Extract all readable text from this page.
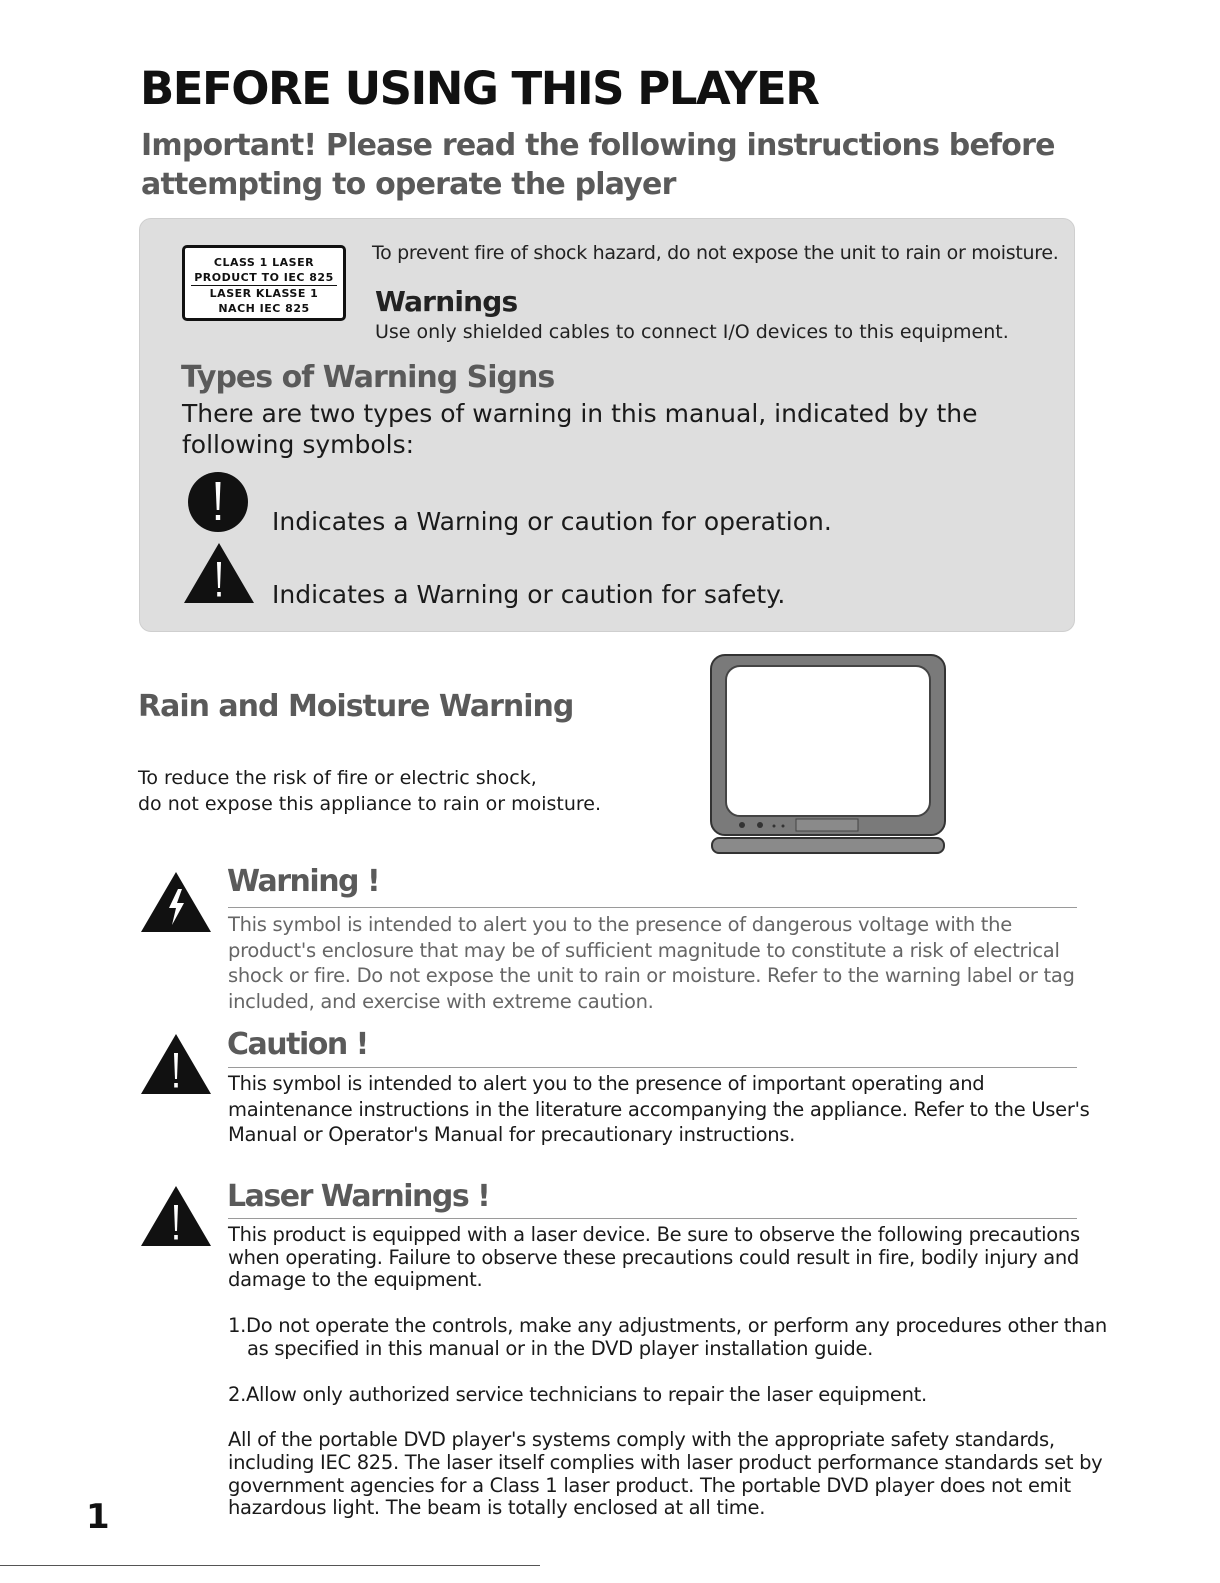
BEFORE USING THIS PLAYER
Important! Please read the following instructions before attempting to operate the player
CLASS 1 LASER
PRODUCT TO IEC 825
LASER KLASSE 1
NACH IEC 825
To prevent fire of shock hazard, do not expose the unit to rain or moisture.
Warnings
Use only shielded cables to connect I/O devices to this equipment.
Types of Warning Signs
There are two types of warning in this manual, indicated by the following symbols:
Indicates a Warning or caution for operation.
Indicates a Warning or caution for safety.
Rain and Moisture Warning
To reduce the risk of fire or electric shock,
do not expose this appliance to rain or moisture.
Warning !
This symbol is intended to alert you to the presence of dangerous voltage with the product's enclosure that may be of sufficient magnitude to constitute a risk of electrical shock or fire. Do not expose the unit to rain or moisture. Refer to the warning label or tag included, and exercise with extreme caution.
Caution !
This symbol is intended to alert you to the presence of important operating and maintenance instructions in the literature accompanying the appliance. Refer to the User's Manual or Operator's Manual for precautionary instructions.
Laser Warnings !

This product is equipped with a laser device. Be sure to observe the following precautions when operating. Failure to observe these precautions could result in fire, bodily injury and damage to the equipment.

1.Do not operate the controls, make any adjustments, or perform any procedures other than
as specified in this manual or in the DVD player installation guide.

2.Allow only authorized service technicians to repair the laser equipment.

All of the portable DVD player's systems comply with the appropriate safety standards, including IEC 825. The laser itself complies with laser product performance standards set by government agencies for a Class 1 laser product. The portable DVD player does not emit hazardous light. The beam is totally enclosed at all time.

1
